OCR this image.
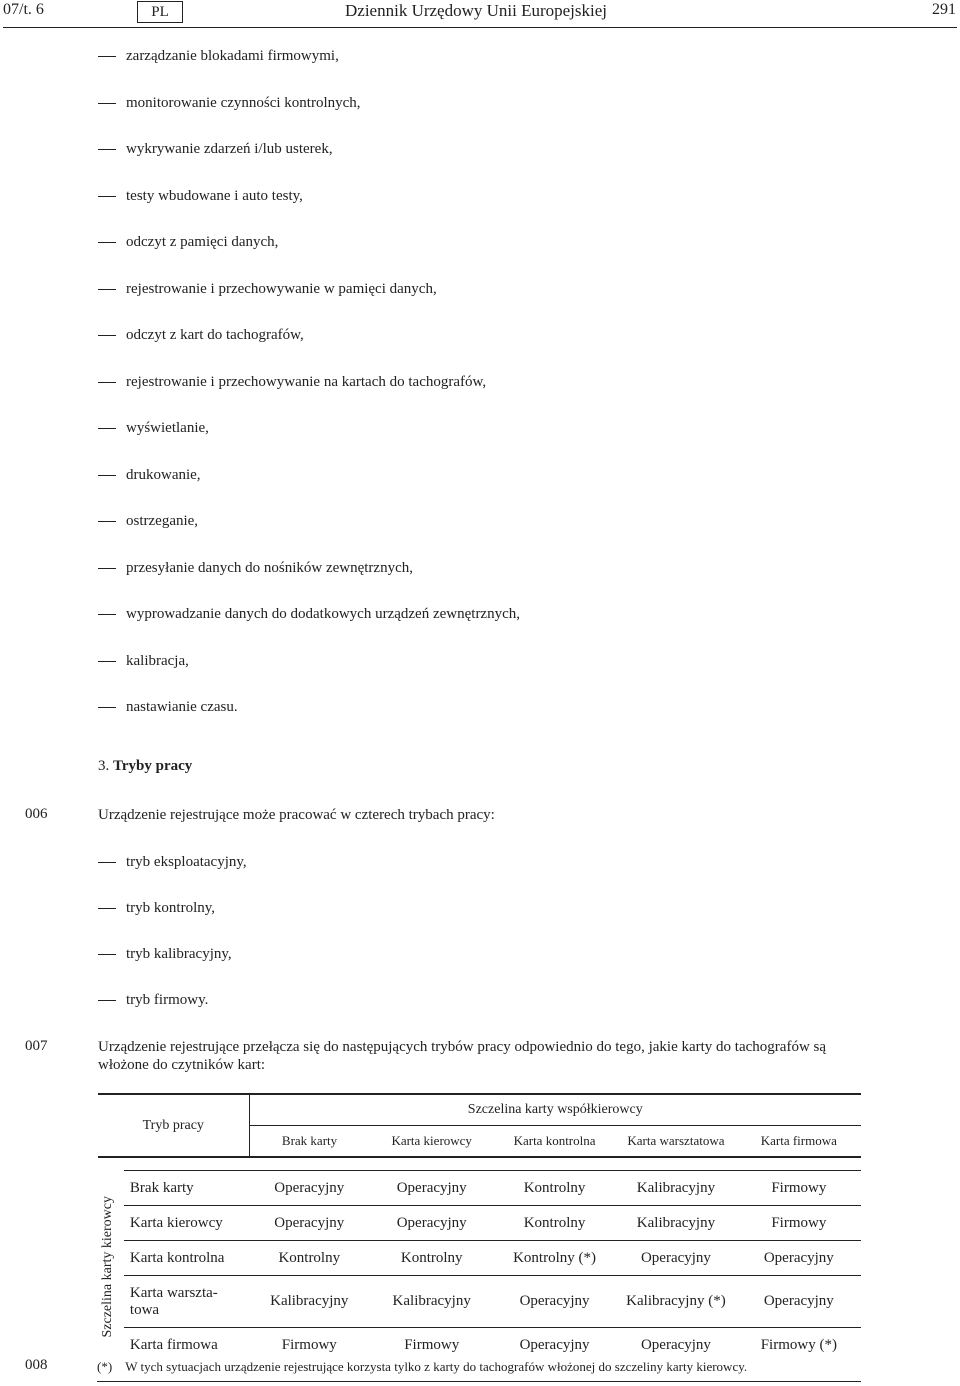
07/t. 6	PL	Dziennik Urzędowy Unii Europejskiej	291
zarządzanie blokadami firmowymi,
monitorowanie czynności kontrolnych,
wykrywanie zdarzeń i/lub usterek,
testy wbudowane i auto testy,
odczyt z pamięci danych,
rejestrowanie i przechowywanie w pamięci danych,
odczyt z kart do tachografów,
rejestrowanie i przechowywanie na kartach do tachografów,
wyświetlanie,
drukowanie,
ostrzeganie,
przesyłanie danych do nośników zewnętrznych,
wyprowadzanie danych do dodatkowych urządzeń zewnętrznych,
kalibracja,
nastawianie czasu.
3. Tryby pracy
006	Urządzenie rejestrujące może pracować w czterech trybach pracy:
tryb eksploatacyjny,
tryb kontrolny,
tryb kalibracyjny,
tryb firmowy.
007	Urządzenie rejestrujące przełącza się do następujących trybów pracy odpowiednio do tego, jakie karty do tachografów są włożone do czytników kart:
Tryb pracy		Szczelina karty współkierowcy				
		Brak karty	Karta kierowcy	Karta kontrolna	Karta warsztatowa	Karta firmowa

Szczelina karty kierowcy	Brak karty	Operacyjny	Operacyjny	Kontrolny	Kalibracyjny	Firmowy
	Karta kierowcy	Operacyjny	Operacyjny	Kontrolny	Kalibracyjny	Firmowy
	Karta kontrolna	Kontrolny	Kontrolny	Kontrolny (*)	Operacyjny	Operacyjny
	Karta warszta-
towa	Kalibracyjny	Kalibracyjny	Operacyjny	Kalibracyjny (*)	Operacyjny
	Karta firmowa	Firmowy	Firmowy	Operacyjny	Operacyjny	Firmowy (*)
008	(*) W tych sytuacjach urządzenie rejestrujące korzysta tylko z karty do tachografów włożonej do szczeliny karty kierowcy.
